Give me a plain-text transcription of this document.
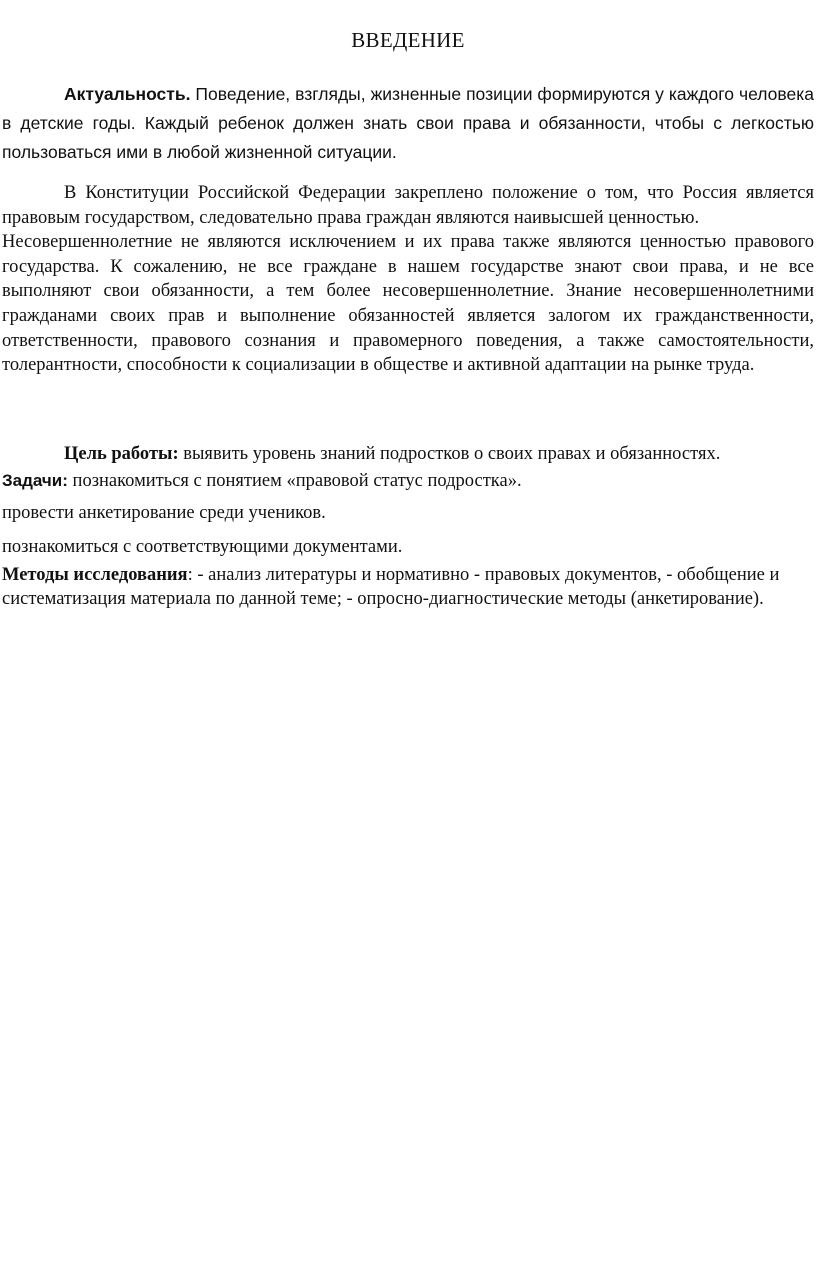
ВВЕДЕНИЕ

Актуальность. Поведение, взгляды, жизненные позиции формируются у каждого человека в детские годы. Каждый ребенок должен знать свои права и обязанности, чтобы с легкостью пользоваться ими в любой жизненной ситуации.

В Конституции Российской Федерации закреплено положение о том, что Россия является правовым государством, следовательно права граждан являются наивысшей ценностью.

Несовершеннолетние не являются исключением и их права также являются ценностью правового государства. К сожалению, не все граждане в нашем государстве знают свои права, и не все выполняют свои обязанности, а тем более несовершеннолетние. Знание несовершеннолетними гражданами своих прав и выполнение обязанностей является залогом их гражданственности, ответственности, правового сознания и правомерного поведения, а также самостоятельности, толерантности, способности к социализации в обществе и активной адаптации на рынке труда.

Цель работы: выявить уровень знаний подростков о своих правах и обязанностях.

Задачи: познакомиться с понятием «правовой статус подростка».

провести анкетирование среди учеников.

познакомиться с соответствующими документами.

Методы исследования: - анализ литературы и нормативно - правовых документов, - обобщение и систематизация материала по данной теме; - опросно-диагностические методы (анкетирование).
